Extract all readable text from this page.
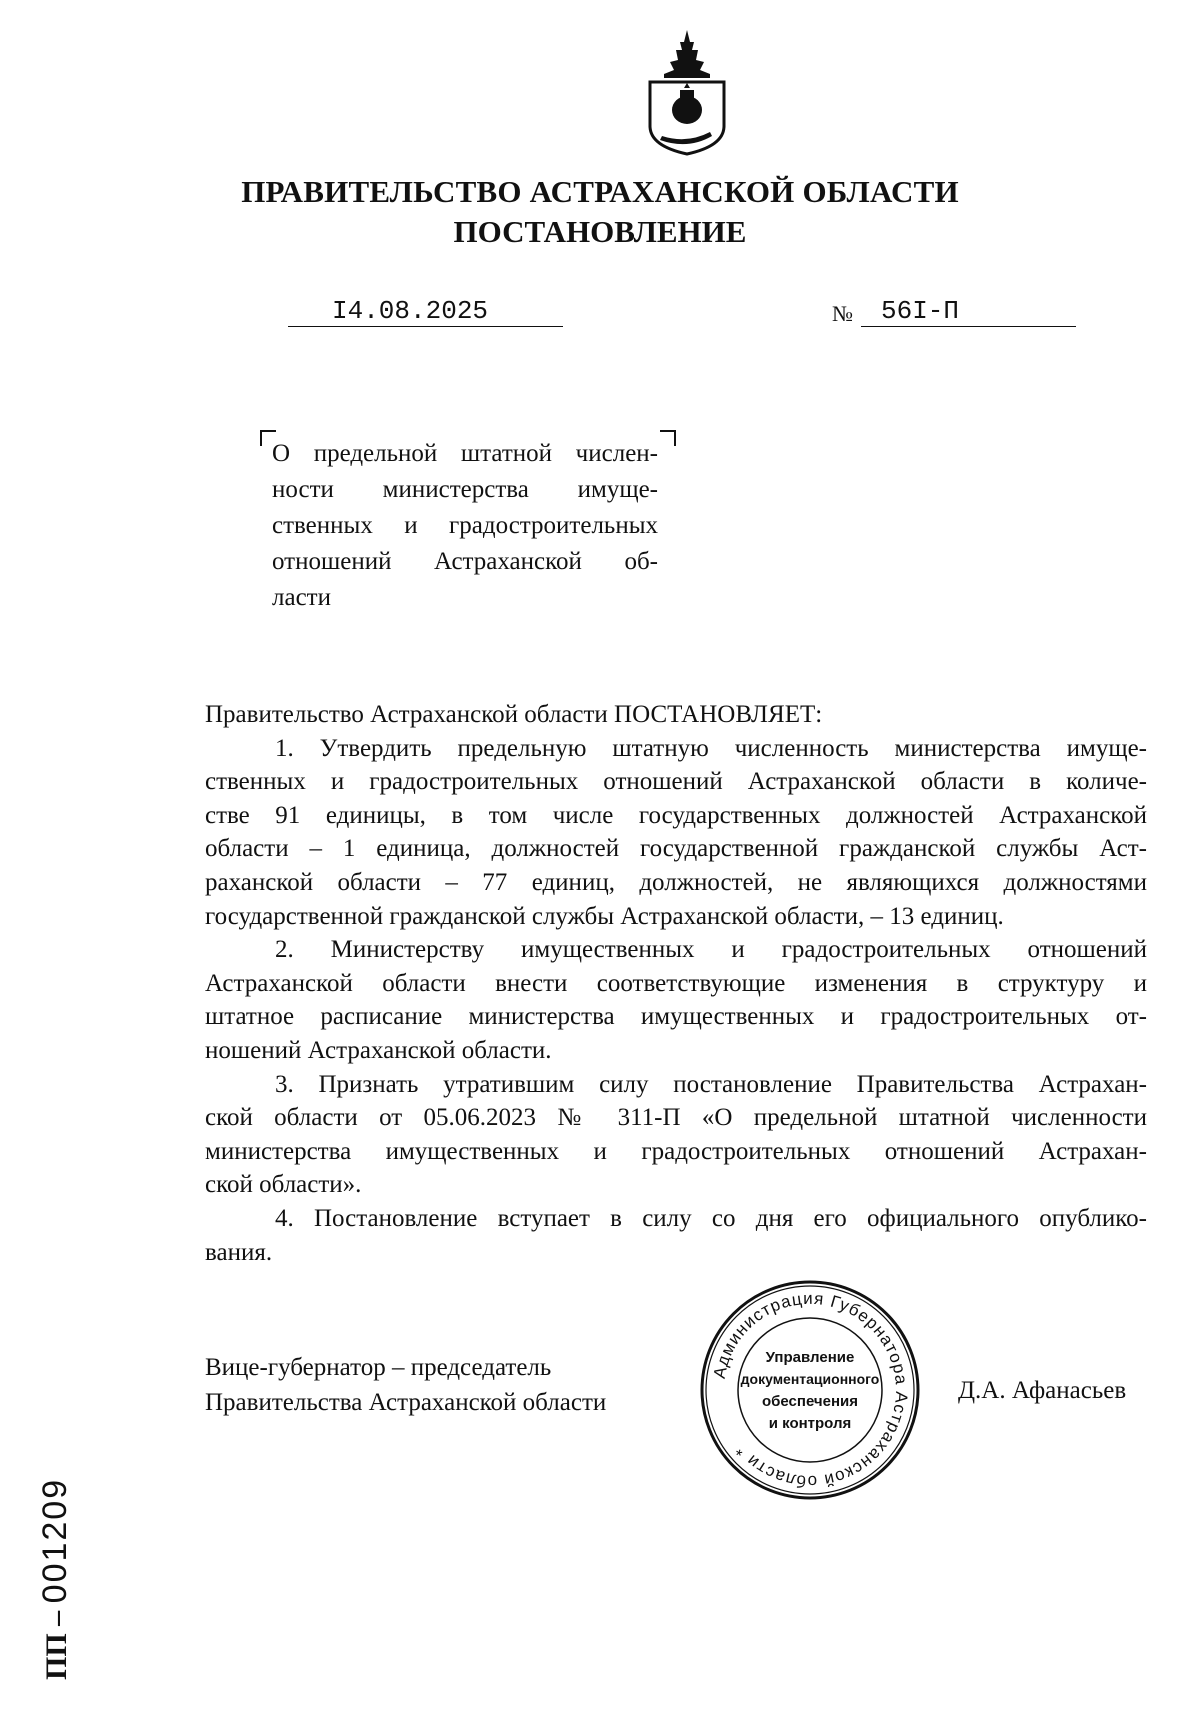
ПРАВИТЕЛЬСТВО АСТРАХАНСКОЙ ОБЛАСТИ
ПОСТАНОВЛЕНИЕ
I4.08.2025	№ 56I-П
О предельной штатной числен-
ности министерства имуще-
ственных и градостроительных
отношений Астраханской об-
ласти
Правительство Астраханской области ПОСТАНОВЛЯЕТ:
1. Утвердить предельную штатную численность министерства имуще-
ственных и градостроительных отношений Астраханской области в количе-
стве 91 единицы, в том числе государственных должностей Астраханской
области – 1 единица, должностей государственной гражданской службы Аст-
раханской области – 77 единиц, должностей, не являющихся должностями
государственной гражданской службы Астраханской области, – 13 единиц.
2. Министерству имущественных и градостроительных отношений
Астраханской области внести соответствующие изменения в структуру и
штатное расписание министерства имущественных и градостроительных от-
ношений Астраханской области.
3. Признать утратившим силу постановление Правительства Астрахан-
ской области от 05.06.2023 № 311-П «О предельной штатной численности
министерства имущественных и градостроительных отношений Астрахан-
ской области».
4. Постановление вступает в силу со дня его официального опублико-
вания.
Вице-губернатор – председатель
Правительства Астраханской области
Администрация Губернатора Астраханской области *
Управление
документационного
обеспечения
и контроля
Д.А. Афанасьев
ПП – 001209
